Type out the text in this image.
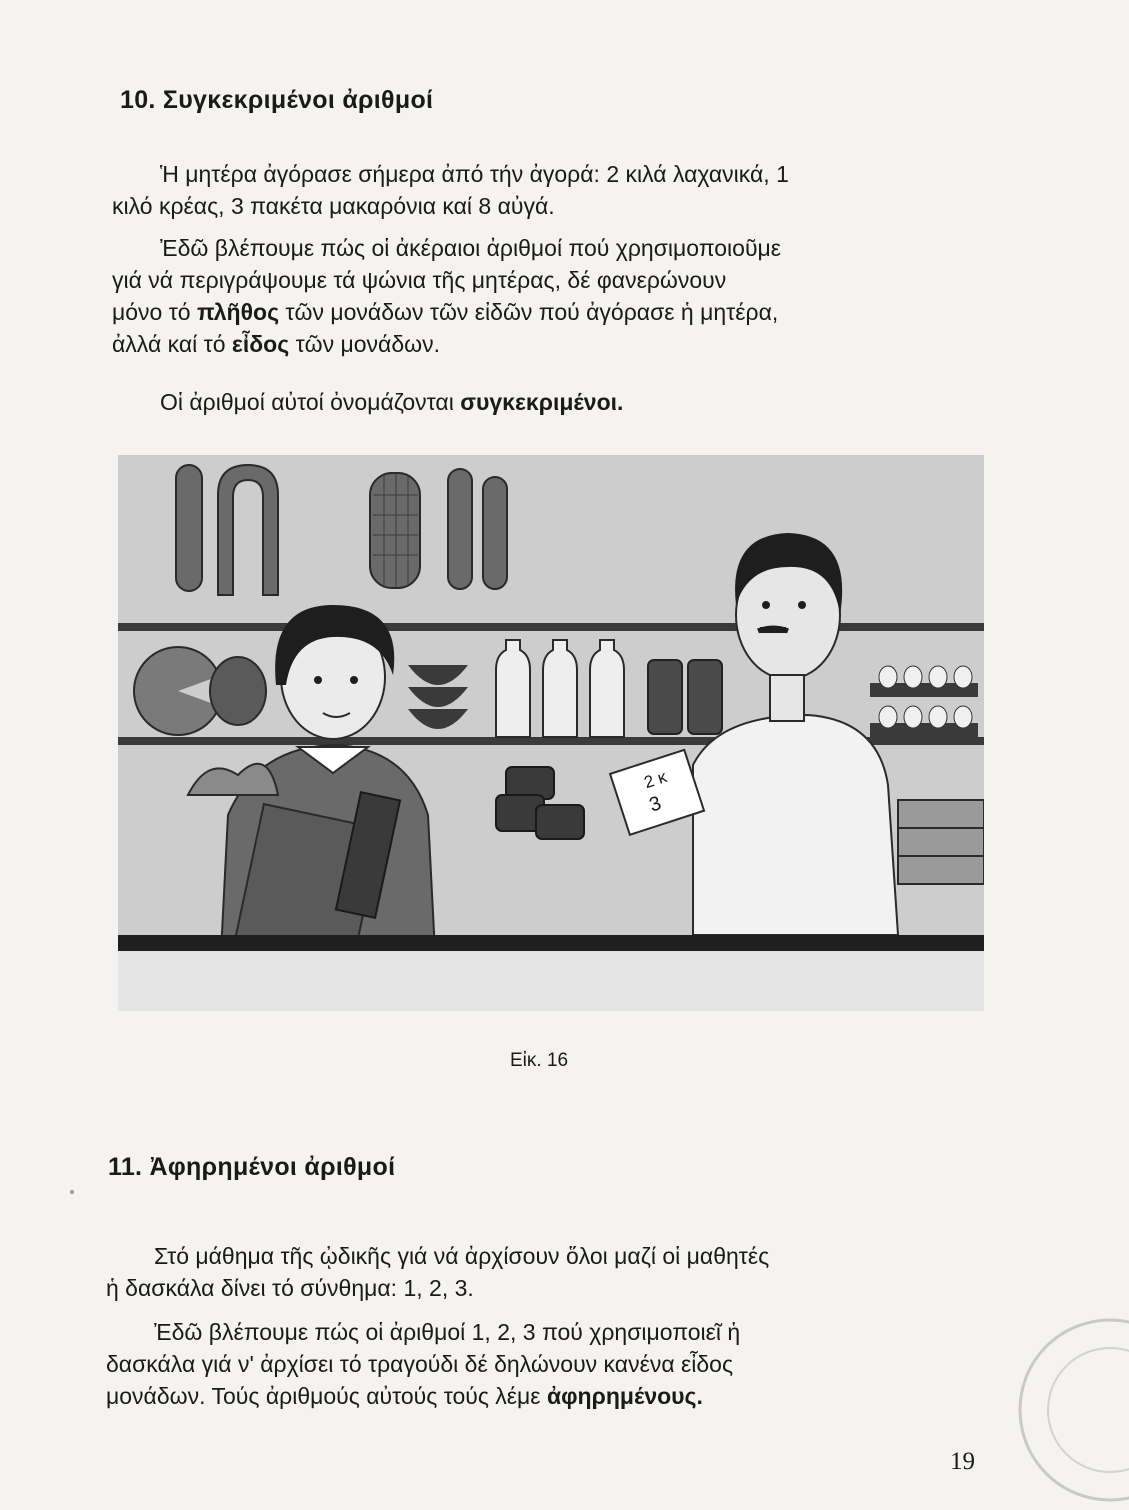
10. Συγκεκριμένοι ἀριθμοί
Ἡ μητέρα ἀγόρασε σήμερα ἀπό τήν ἀγορά: 2 κιλά λαχανικά, 1
κιλό κρέας, 3 πακέτα μακαρόνια καί 8 αὐγά.
Ἐδῶ βλέπουμε πώς οἱ ἀκέραιοι ἀριθμοί πού χρησιμοποιοῦμε
γιά νά περιγράψουμε τά ψώνια τῆς μητέρας, δέ φανερώνουν
μόνο τό πλῆθος τῶν μονάδων τῶν εἰδῶν πού ἀγόρασε ἡ μητέρα,
ἀλλά καί τό εἶδος τῶν μονάδων.
Οἱ ἀριθμοί αὐτοί ὀνομάζονται συγκεκριμένοι.
2 κ
3
Εἰκ. 16
11. Ἀφηρημένοι ἀριθμοί
Στό μάθημα τῆς ᾠδικῆς γιά νά ἀρχίσουν ὅλοι μαζί οἱ μαθητές
ἡ δασκάλα δίνει τό σύνθημα: 1, 2, 3.
Ἐδῶ βλέπουμε πώς οἱ ἀριθμοί 1, 2, 3 πού χρησιμοποιεῖ ἡ
δασκάλα γιά ν' ἀρχίσει τό τραγούδι δέ δηλώνουν κανένα εἶδος
μονάδων. Τούς ἀριθμούς αὐτούς τούς λέμε ἀφηρημένους.
19
